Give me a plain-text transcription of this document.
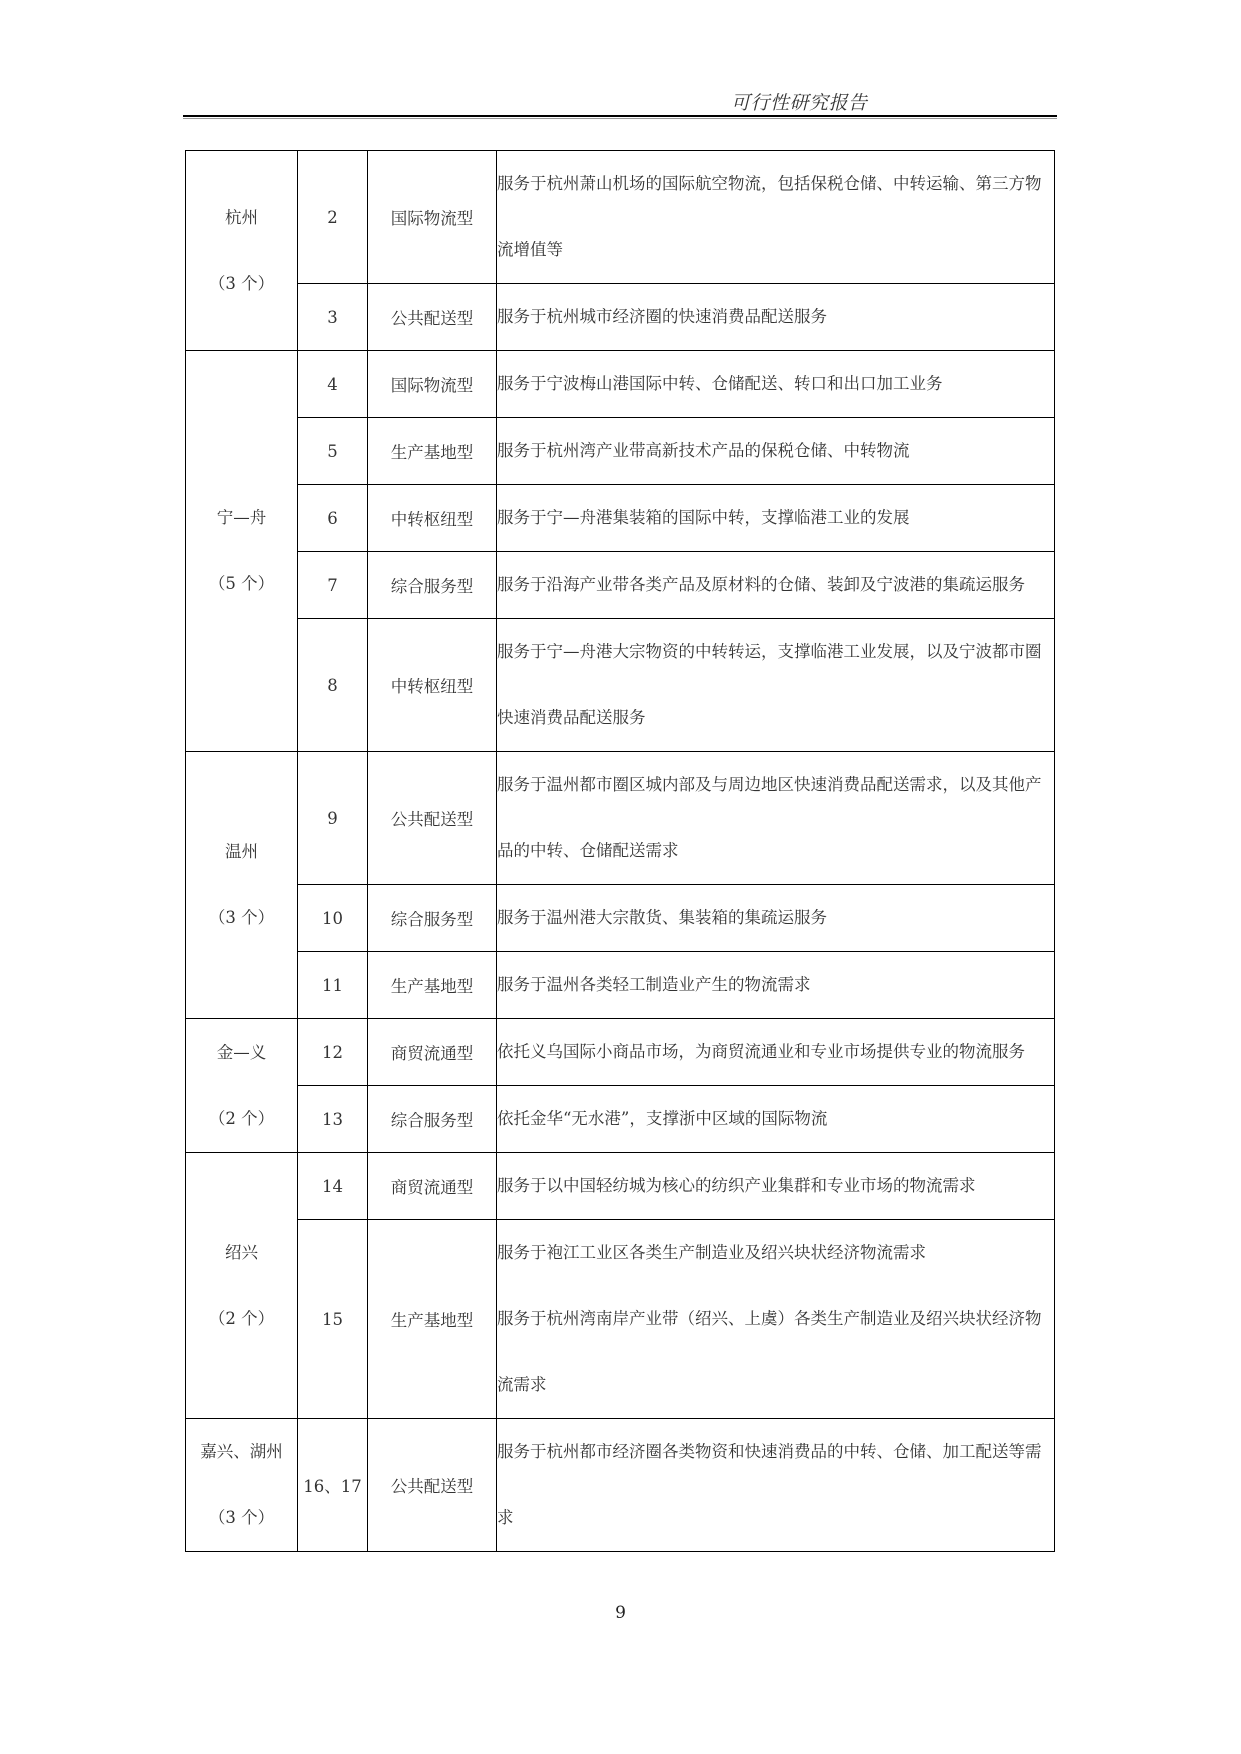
可行性研究报告
杭州
（3 个）	2	国际物流型	服务于杭州萧山机场的国际航空物流，包括保税仓储、中转运输、第三方物
流增值等

	3	公共配送型	服务于杭州城市经济圈的快速消费品配送服务

宁—舟
（5 个）	4	国际物流型	服务于宁波梅山港国际中转、仓储配送、转口和出口加工业务

	5	生产基地型	服务于杭州湾产业带高新技术产品的保税仓储、中转物流

	6	中转枢纽型	服务于宁—舟港集装箱的国际中转，支撑临港工业的发展

	7	综合服务型	服务于沿海产业带各类产品及原材料的仓储、装卸及宁波港的集疏运服务

	8	中转枢纽型	服务于宁—舟港大宗物资的中转转运，支撑临港工业发展，以及宁波都市圈
快速消费品配送服务

温州
（3 个）	9	公共配送型	服务于温州都市圈区城内部及与周边地区快速消费品配送需求，以及其他产
品的中转、仓储配送需求

	10	综合服务型	服务于温州港大宗散货、集装箱的集疏运服务

	11	生产基地型	服务于温州各类轻工制造业产生的物流需求

金—义
（2 个）	12	商贸流通型	依托义乌国际小商品市场，为商贸流通业和专业市场提供专业的物流服务

	13	综合服务型	依托金华“无水港”，支撑浙中区域的国际物流

绍兴
（2 个）	14	商贸流通型	服务于以中国轻纺城为核心的纺织产业集群和专业市场的物流需求

	15	生产基地型	服务于袍江工业区各类生产制造业及绍兴块状经济物流需求
服务于杭州湾南岸产业带（绍兴、上虞）各类生产制造业及绍兴块状经济物
流需求

嘉兴、湖州
（3 个）	16、17	公共配送型	服务于杭州都市经济圈各类物资和快速消费品的中转、仓储、加工配送等需
求
9
